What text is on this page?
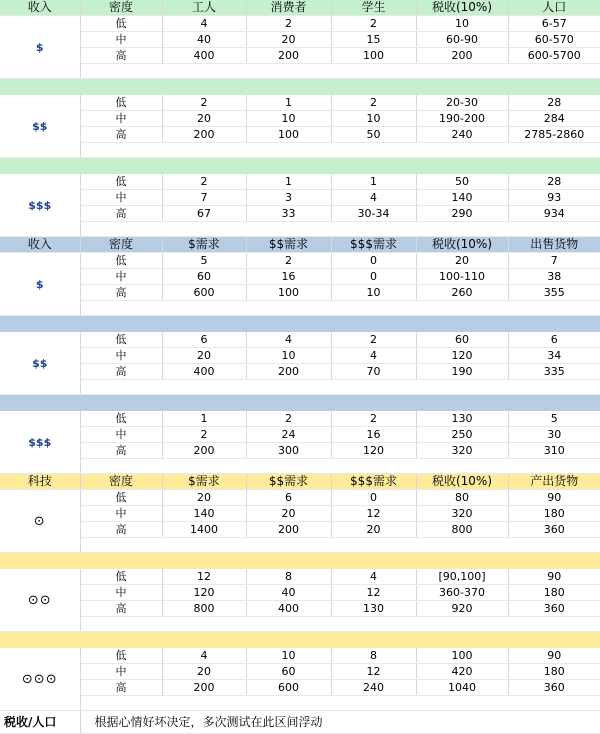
收入	密度	工人	消费者	学生	税收(10%)	人口
$	低	4	2	2	10	6-57
	中	40	20	15	60-90	60-570
	高	400	200	100	200	600-5700

$$	低	2	1	2	20-30	28
	中	20	10	10	190-200	284
	高	200	100	50	240	2785-2860

$$$	低	2	1	1	50	28
	中	7	3	4	140	93
	高	67	33	30-34	290	934

收入	密度	$需求	$$需求	$$$需求	税收(10%)	出售货物
$	低	5	2	0	20	7
	中	60	16	0	100-110	38
	高	600	100	10	260	355

$$	低	6	4	2	60	6
	中	20	10	4	120	34
	高	400	200	70	190	335

$$$	低	1	2	2	130	5
	中	2	24	16	250	30
	高	200	300	120	320	310

科技	密度	$需求	$$需求	$$$需求	税收(10%)	产出货物
⊙	低	20	6	0	80	90
	中	140	20	12	320	180
	高	1400	200	20	800	360

⊙⊙	低	12	8	4	[90,100]	90
	中	120	40	12	360-370	180
	高	800	400	130	920	360

⊙⊙⊙	低	4	10	8	100	90
	中	20	60	12	420	180
	高	200	600	240	1040	360

税收/人口	根据心情好坏决定，多次测试在此区间浮动					
